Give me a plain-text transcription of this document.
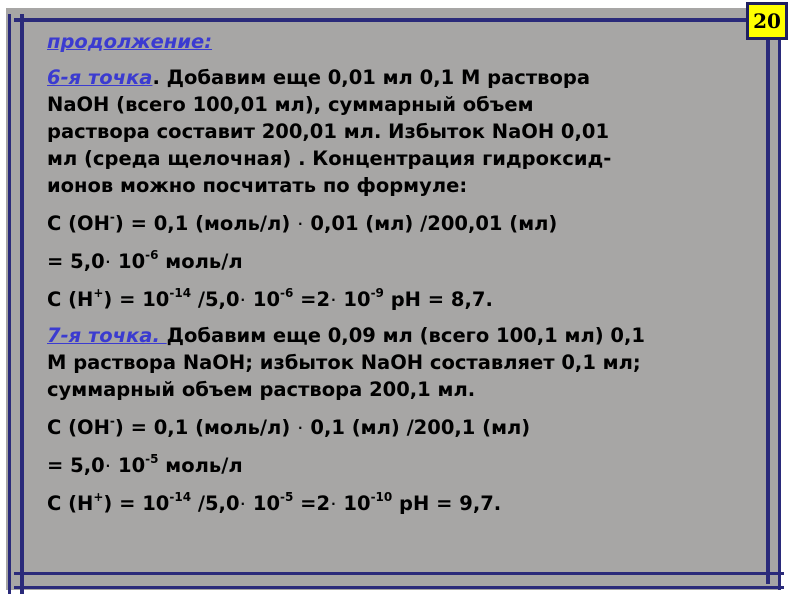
20

продолжение:

6-я точка. Добавим еще 0,01 мл 0,1 М раствора

NaOH (всего 100,01 мл), суммарный объем

раствора составит 200,01 мл. Избыток NaOH 0,01

мл (среда щелочная) . Концентрация гидроксид-

ионов можно посчитать по формуле:

C (OH-) = 0,1 (моль/л) . 0,01 (мл) /200,01 (мл)

= 5,0. $10^{-6}$ моль/л

C $(H^+) = 10^{-14}$ /5,0. $10^{-6} =2^.$ $10^{-9}$ pH = 8,7.

7-я точка. Добавим еще 0,09 мл (всего 100,1 мл) 0,1

М раствора NaOH; избыток NaOH составляет 0,1 мл;

суммарный объем раствора 200,1 мл.

C (OH-) = 0,1 (моль/л) . 0,1 (мл) /200,1 (мл)

= 5,0. $10^{-5}$ моль/л

C $(H^+) = 10^{-14}$ /5,0. $10^{-5} =2^.$ $10^{-10}$ pH = 9,7.
